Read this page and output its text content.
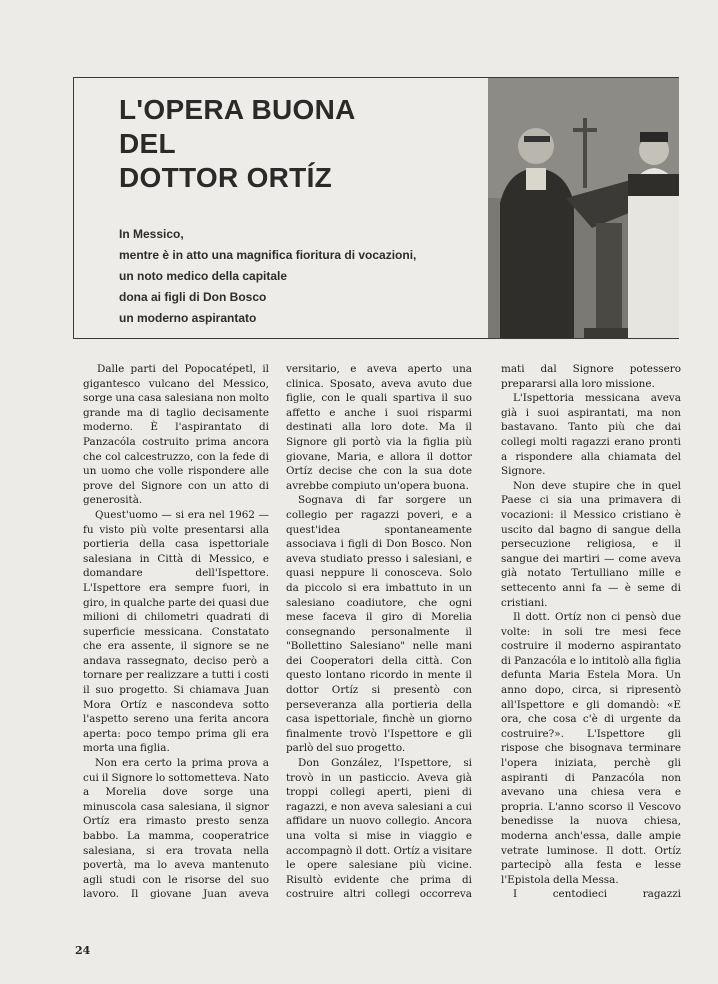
L'OPERA BUONA
DEL
DOTTOR ORTÍZ
In Messico,
mentre è in atto una magnifica fioritura di vocazioni,
un noto medico della capitale
dona ai figli di Don Bosco
un moderno aspirantato

Dalle parti del Popocatépetl, il gigantesco vulcano del Messico, sorge una casa salesiana non molto grande ma di taglio decisamente moderno. È l'aspirantato di Panzacóla costruito prima ancora che col calcestruzzo, con la fede di un uomo che volle rispondere alle prove del Signore con un atto di generosità.

Quest'uomo — si era nel 1962 — fu visto più volte presentarsi alla portieria della casa ispettoriale salesiana in Città di Messico, e domandare dell'Ispettore. L'Ispettore era sempre fuori, in giro, in qualche parte dei quasi due milioni di chilometri quadrati di superficie messicana. Constatato che era assente, il signore se ne andava rassegnato, deciso però a tornare per realizzare a tutti i costi il suo progetto. Si chiamava Juan Mora Ortíz e nascondeva sotto l'aspetto sereno una ferita ancora aperta: poco tempo prima gli era morta una figlia.

Non era certo la prima prova a cui il Signore lo sottometteva. Nato a Morelia dove sorge una minuscola casa salesiana, il signor Ortíz era rimasto presto senza babbo. La mamma, cooperatrice salesiana, si era trovata nella povertà, ma lo aveva mantenuto agli studi con le risorse del suo lavoro. Il giovane Juan aveva

versitario, e aveva aperto una clinica. Sposato, aveva avuto due figlie, con le quali spartiva il suo affetto e anche i suoi risparmi destinati alla loro dote. Ma il Signore gli portò via la figlia più giovane, Maria, e allora il dottor Ortíz decise che con la sua dote avrebbe compiuto un'opera buona.

Sognava di far sorgere un collegio per ragazzi poveri, e a quest'idea spontaneamente associava i figli di Don Bosco. Non aveva studiato presso i salesiani, e quasi neppure li conosceva. Solo da piccolo si era imbattuto in un salesiano coadiutore, che ogni mese faceva il giro di Morelia consegnando personalmente il "Bollettino Salesiano" nelle mani dei Cooperatori della città. Con questo lontano ricordo in mente il dottor Ortíz si presentò con perseveranza alla portieria della casa ispettoriale, finchè un giorno finalmente trovò l'Ispettore e gli parlò del suo progetto.

Don González, l'Ispettore, si trovò in un pasticcio. Aveva già troppi collegi aperti, pieni di ragazzi, e non aveva salesiani a cui affidare un nuovo collegio. Ancora una volta si mise in viaggio e accompagnò il dott. Ortíz a visitare le opere salesiane più vicine. Risultò evidente che prima di costruire altri collegi occorreva

mati dal Signore potessero prepararsi alla loro missione.

L'Ispettoria messicana aveva già i suoi aspirantati, ma non bastavano. Tanto più che dai collegi molti ragazzi erano pronti a rispondere alla chiamata del Signore.

Non deve stupire che in quel Paese ci sia una primavera di vocazioni: il Messico cristiano è uscito dal bagno di sangue della persecuzione religiosa, e il sangue dei martiri — come aveva già notato Tertulliano mille e settecento anni fa — è seme di cristiani.

Il dott. Ortíz non ci pensò due volte: in soli tre mesi fece costruire il moderno aspirantato di Panzacóla e lo intitolò alla figlia defunta Maria Estela Mora. Un anno dopo, circa, si ripresentò all'Ispettore e gli domandò: «E ora, che cosa c'è di urgente da costruire?». L'Ispettore gli rispose che bisognava terminare l'opera iniziata, perchè gli aspiranti di Panzacóla non avevano una chiesa vera e propria. L'anno scorso il Vescovo benedisse la nuova chiesa, moderna anch'essa, dalle ampie vetrate luminose. Il dott. Ortíz partecipò alla festa e lesse l'Epistola della Messa.

I centodieci ragazzi

24
